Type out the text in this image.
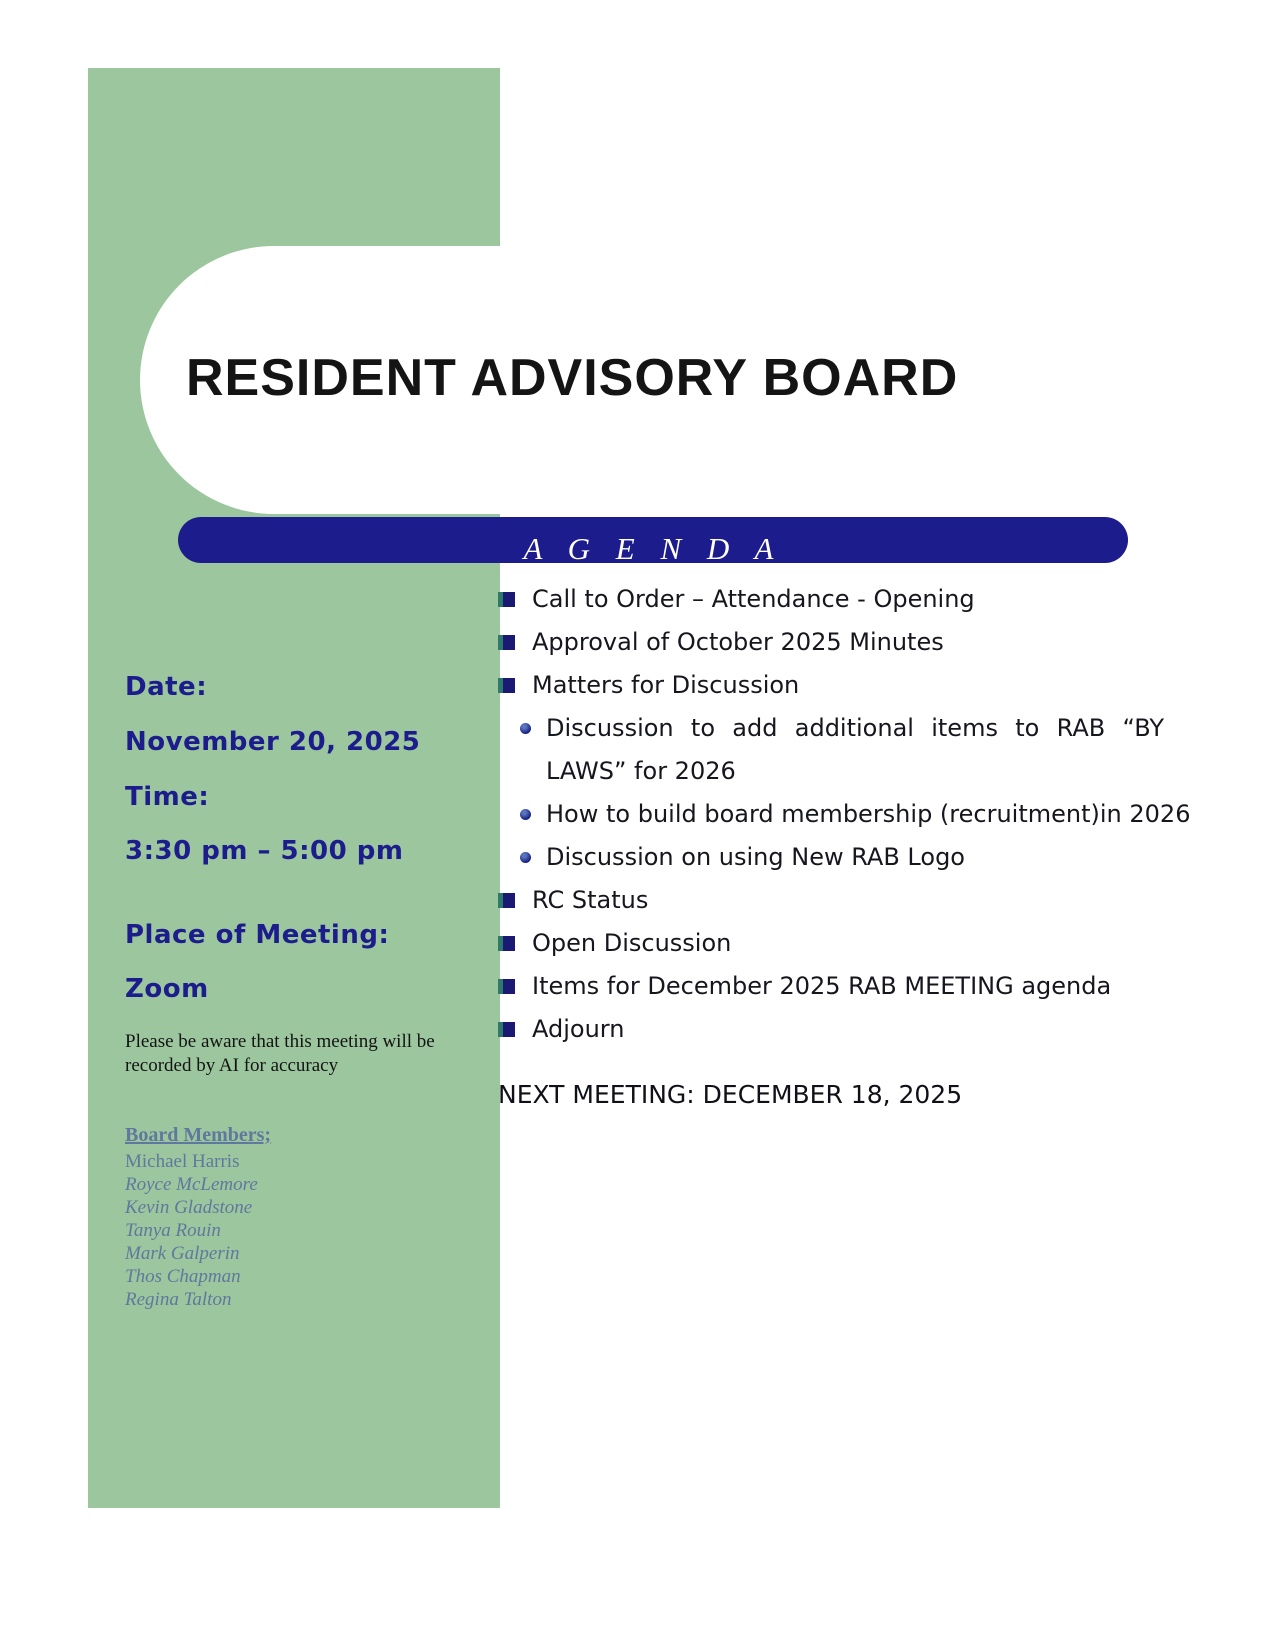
RESIDENT ADVISORY BOARD
A G E N D A
Call to Order – Attendance - Opening
Approval of October 2025 Minutes
Matters for Discussion
Discussion to add additional items to RAB “BY LAWS” for 2026
How to build board membership (recruitment)in 2026
Discussion on using New RAB Logo
RC Status
Open Discussion
Items for December 2025 RAB MEETING agenda
Adjourn
NEXT MEETING: DECEMBER 18, 2025
Date:
November 20, 2025
Time:
3:30 pm – 5:00 pm
Place of Meeting:
Zoom
Please be aware that this meeting will be recorded by AI for accuracy
Board Members;
Michael Harris
Royce McLemore
Kevin Gladstone
Tanya Rouin
Mark Galperin
Thos Chapman
Regina Talton
